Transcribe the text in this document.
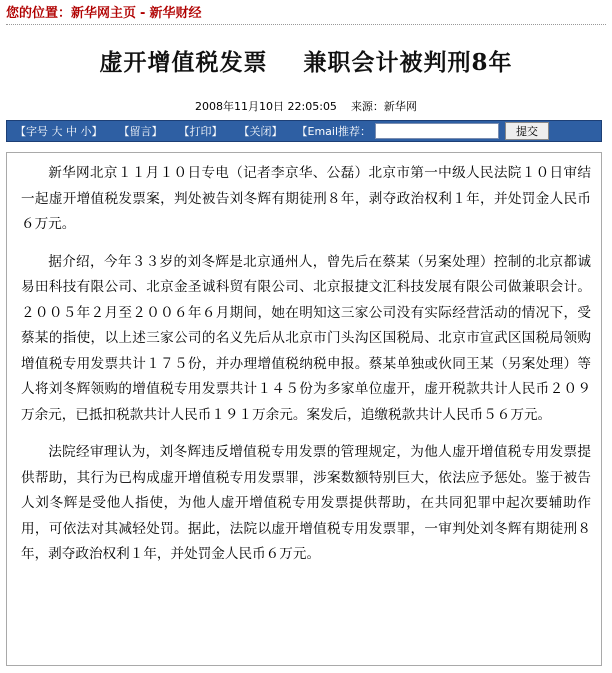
您的位置：新华网主页 - 新华财经
虚开增值税发票 兼职会计被判刑8年
2008年11月10日 22:05:05 来源：新华网
【字号 大 中 小】	【留言】	【打印】	【关闭】	【Email推荐：	提交

新华网北京１１月１０日专电（记者李京华、公磊）北京市第一中级人民法院１０日审结一起虚开增值税发票案，判处被告刘冬辉有期徒刑８年，剥夺政治权利１年，并处罚金人民币６万元。

据介绍，今年３３岁的刘冬辉是北京通州人，曾先后在蔡某（另案处理）控制的北京都诚易田科技有限公司、北京金圣诚科贸有限公司、北京报捷文汇科技发展有限公司做兼职会计。２００５年２月至２００６年６月期间，她在明知这三家公司没有实际经营活动的情况下，受蔡某的指使，以上述三家公司的名义先后从北京市门头沟区国税局、北京市宣武区国税局领购增值税专用发票共计１７５份，并办理增值税纳税申报。蔡某单独或伙同王某（另案处理）等人将刘冬辉领购的增值税专用发票共计１４５份为多家单位虚开，虚开税款共计人民币２０９万余元，已抵扣税款共计人民币１９１万余元。案发后，追缴税款共计人民币５６万元。

法院经审理认为，刘冬辉违反增值税专用发票的管理规定，为他人虚开增值税专用发票提供帮助，其行为已构成虚开增值税专用发票罪，涉案数额特别巨大，依法应予惩处。鉴于被告人刘冬辉是受他人指使，为他人虚开增值税专用发票提供帮助，在共同犯罪中起次要辅助作用，可依法对其减轻处罚。据此，法院以虚开增值税专用发票罪，一审判处刘冬辉有期徒刑８年，剥夺政治权利１年，并处罚金人民币６万元。
